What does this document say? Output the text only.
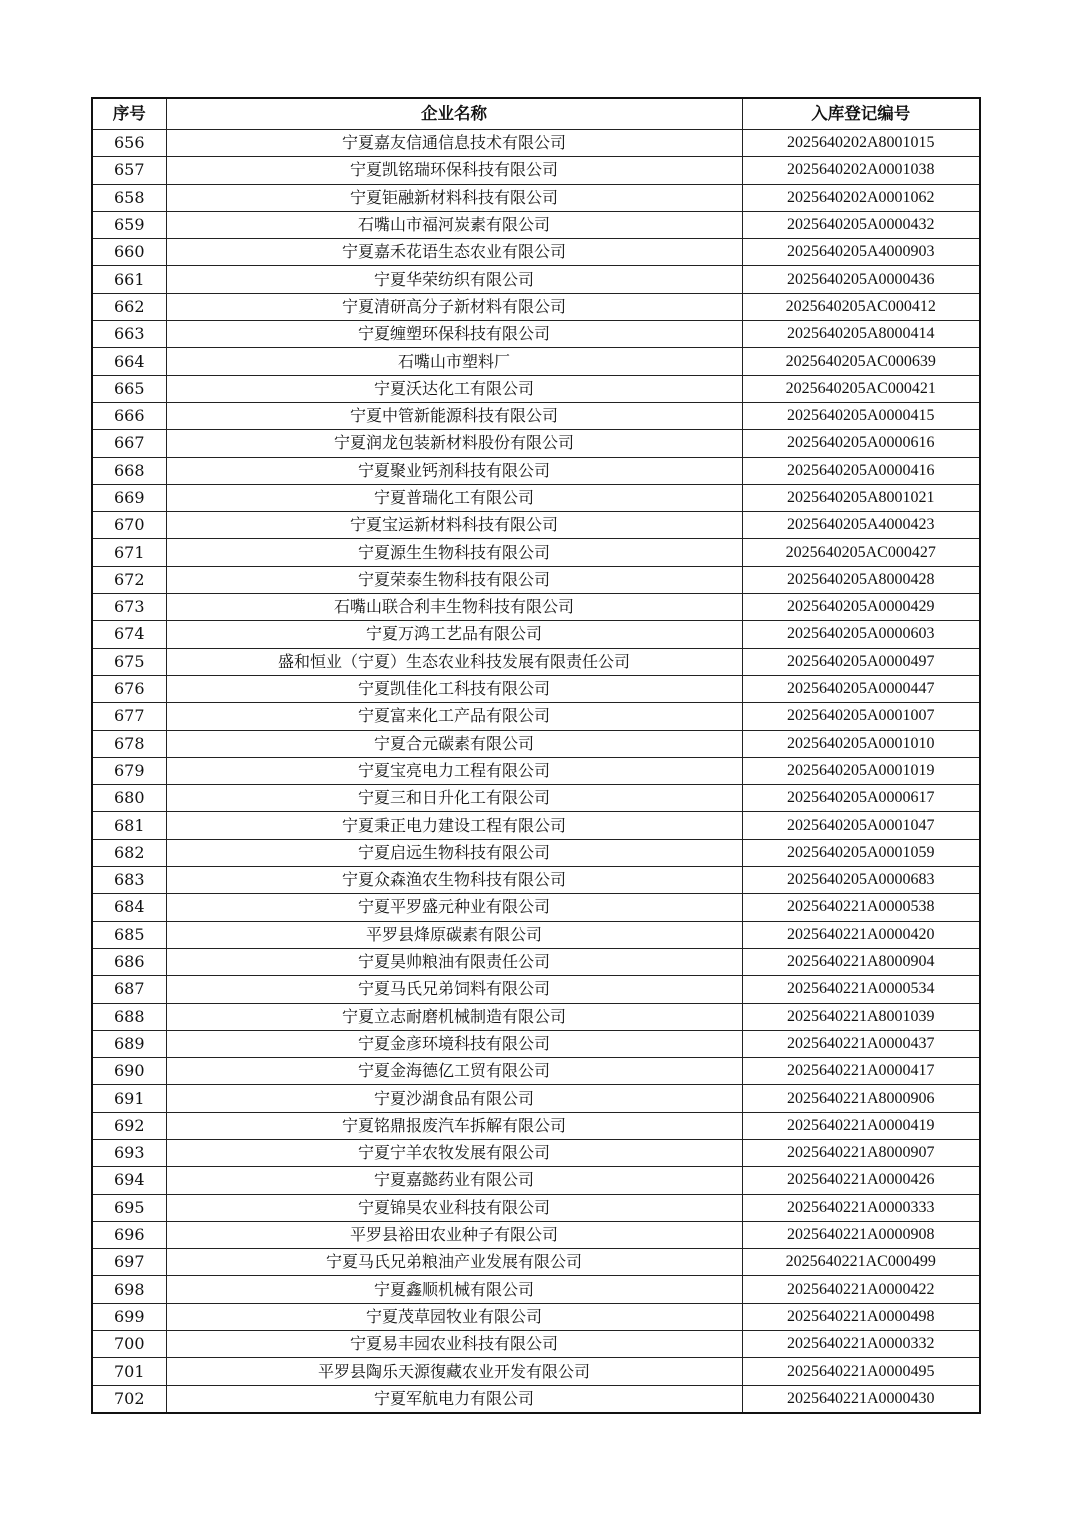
序号	企业名称	入库登记编号
656	宁夏嘉友信通信息技术有限公司	2025640202A8001015
657	宁夏凯铭瑞环保科技有限公司	2025640202A0001038
658	宁夏钜融新材料科技有限公司	2025640202A0001062
659	石嘴山市福河炭素有限公司	2025640205A0000432
660	宁夏嘉禾花语生态农业有限公司	2025640205A4000903
661	宁夏华荣纺织有限公司	2025640205A0000436
662	宁夏清研高分子新材料有限公司	2025640205AC000412
663	宁夏缠塑环保科技有限公司	2025640205A8000414
664	石嘴山市塑料厂	2025640205AC000639
665	宁夏沃达化工有限公司	2025640205AC000421
666	宁夏中管新能源科技有限公司	2025640205A0000415
667	宁夏润龙包装新材料股份有限公司	2025640205A0000616
668	宁夏聚业钙剂科技有限公司	2025640205A0000416
669	宁夏普瑞化工有限公司	2025640205A8001021
670	宁夏宝运新材料科技有限公司	2025640205A4000423
671	宁夏源生生物科技有限公司	2025640205AC000427
672	宁夏荣泰生物科技有限公司	2025640205A8000428
673	石嘴山联合利丰生物科技有限公司	2025640205A0000429
674	宁夏万鸿工艺品有限公司	2025640205A0000603
675	盛和恒业（宁夏）生态农业科技发展有限责任公司	2025640205A0000497
676	宁夏凯佳化工科技有限公司	2025640205A0000447
677	宁夏富来化工产品有限公司	2025640205A0001007
678	宁夏合元碳素有限公司	2025640205A0001010
679	宁夏宝亮电力工程有限公司	2025640205A0001019
680	宁夏三和日升化工有限公司	2025640205A0000617
681	宁夏秉正电力建设工程有限公司	2025640205A0001047
682	宁夏启远生物科技有限公司	2025640205A0001059
683	宁夏众森渔农生物科技有限公司	2025640205A0000683
684	宁夏平罗盛元种业有限公司	2025640221A0000538
685	平罗县烽原碳素有限公司	2025640221A0000420
686	宁夏昊帅粮油有限责任公司	2025640221A8000904
687	宁夏马氏兄弟饲料有限公司	2025640221A0000534
688	宁夏立志耐磨机械制造有限公司	2025640221A8001039
689	宁夏金彦环境科技有限公司	2025640221A0000437
690	宁夏金海德亿工贸有限公司	2025640221A0000417
691	宁夏沙湖食品有限公司	2025640221A8000906
692	宁夏铭鼎报废汽车拆解有限公司	2025640221A0000419
693	宁夏宁羊农牧发展有限公司	2025640221A8000907
694	宁夏嘉懿药业有限公司	2025640221A0000426
695	宁夏锦昊农业科技有限公司	2025640221A0000333
696	平罗县裕田农业种子有限公司	2025640221A0000908
697	宁夏马氏兄弟粮油产业发展有限公司	2025640221AC000499
698	宁夏鑫顺机械有限公司	2025640221A0000422
699	宁夏茂草园牧业有限公司	2025640221A0000498
700	宁夏易丰园农业科技有限公司	2025640221A0000332
701	平罗县陶乐天源復藏农业开发有限公司	2025640221A0000495
702	宁夏军航电力有限公司	2025640221A0000430
